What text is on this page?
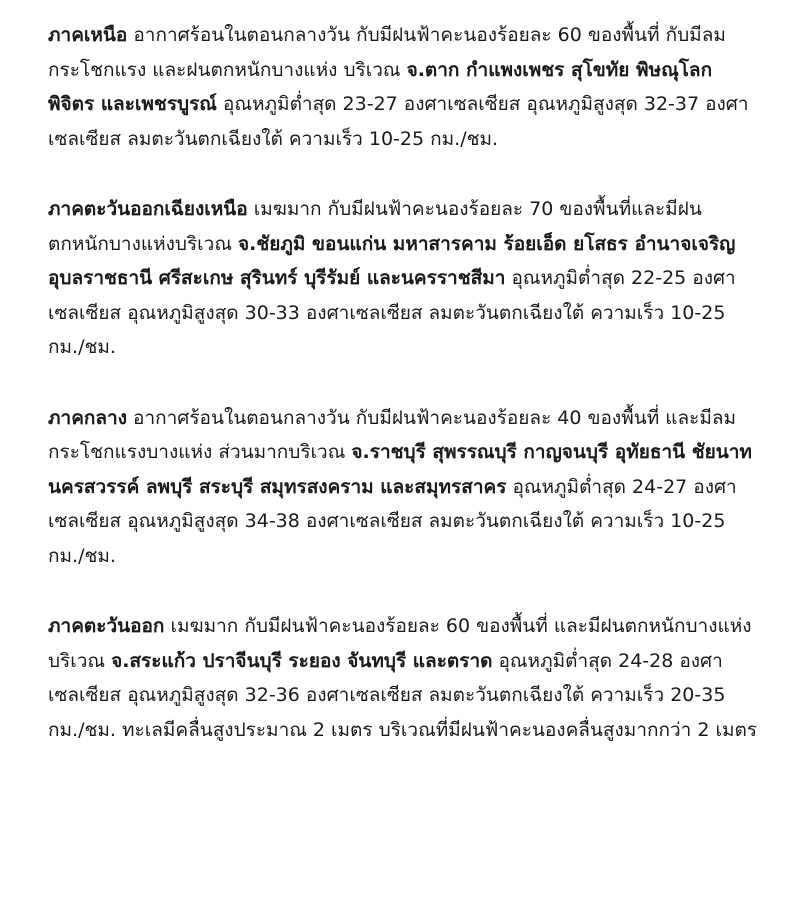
ภาคเหนือ อากาศร้อนในตอนกลางวัน กับมีฝนฟ้าคะนองร้อยละ 60 ของพื้นที่ กับมีลมกระโชกแรง และฝนตกหนักบางแห่ง บริเวณ จ.ตาก กำแพงเพชร สุโขทัย พิษณุโลก พิจิตร และเพชรบูรณ์ อุณหภูมิต่ำสุด 23-27 องศาเซลเซียส อุณหภูมิสูงสุด 32-37 องศาเซลเซียส ลมตะวันตกเฉียงใต้ ความเร็ว 10-25 กม./ชม.

ภาคตะวันออกเฉียงเหนือ เมฆมาก กับมีฝนฟ้าคะนองร้อยละ 70 ของพื้นที่และมีฝนตกหนักบางแห่งบริเวณ จ.ชัยภูมิ ขอนแก่น มหาสารคาม ร้อยเอ็ด ยโสธร อำนาจเจริญ อุบลราชธานี ศรีสะเกษ สุรินทร์ บุรีรัมย์ และนครราชสีมา อุณหภูมิต่ำสุด 22-25 องศาเซลเซียส อุณหภูมิสูงสุด 30-33 องศาเซลเซียส ลมตะวันตกเฉียงใต้ ความเร็ว 10-25 กม./ชม.

ภาคกลาง อากาศร้อนในตอนกลางวัน กับมีฝนฟ้าคะนองร้อยละ 40 ของพื้นที่ และมีลมกระโชกแรงบางแห่ง ส่วนมากบริเวณ จ.ราชบุรี สุพรรณบุรี กาญจนบุรี อุทัยธานี ชัยนาท นครสวรรค์ ลพบุรี สระบุรี สมุทรสงคราม และสมุทรสาคร อุณหภูมิต่ำสุด 24-27 องศาเซลเซียส อุณหภูมิสูงสุด 34-38 องศาเซลเซียส ลมตะวันตกเฉียงใต้ ความเร็ว 10-25 กม./ชม.

ภาคตะวันออก เมฆมาก กับมีฝนฟ้าคะนองร้อยละ 60 ของพื้นที่ และมีฝนตกหนักบางแห่ง บริเวณ จ.สระแก้ว ปราจีนบุรี ระยอง จันทบุรี และตราด อุณหภูมิต่ำสุด 24-28 องศาเซลเซียส อุณหภูมิสูงสุด 32-36 องศาเซลเซียส ลมตะวันตกเฉียงใต้ ความเร็ว 20-35 กม./ชม. ทะเลมีคลื่นสูงประมาณ 2 เมตร บริเวณที่มีฝนฟ้าคะนองคลื่นสูงมากกว่า 2 เมตร
